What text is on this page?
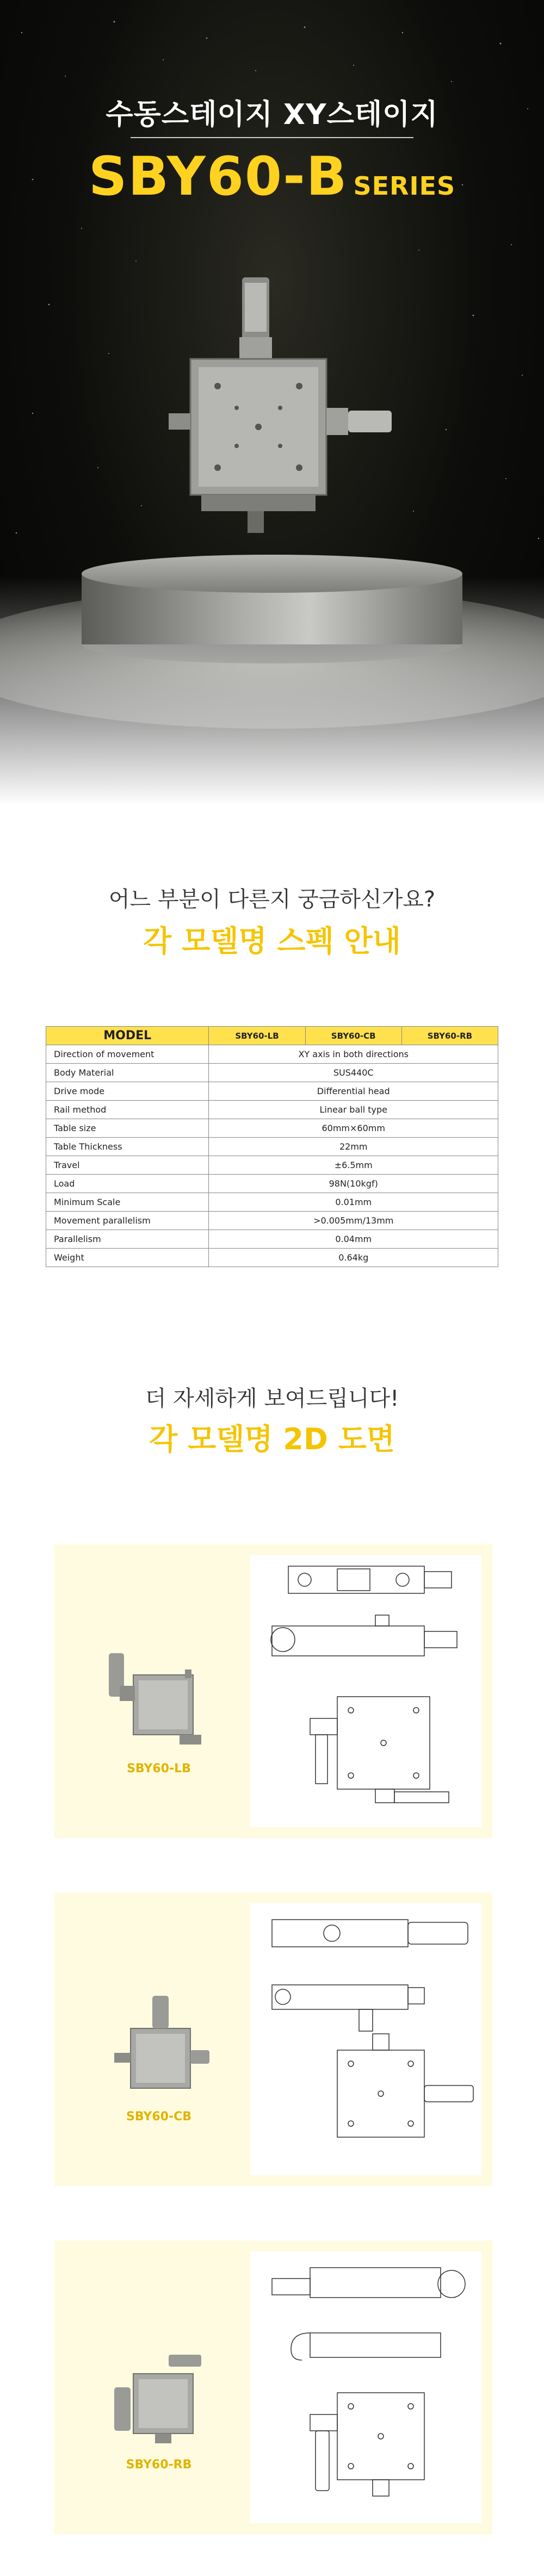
수동스테이지 XY스테이지
SBY60-B SERIES
어느 부분이 다른지 궁금하신가요?
각 모델명 스펙 안내
MODEL	SBY60-LB	SBY60-CB	SBY60-RB
Direction of movement	XY axis in both directions		
Body Material	SUS440C		
Drive mode	Differential head		
Rail method	Linear ball type		
Table size	60mm×60mm		
Table Thickness	22mm		
Travel	±6.5mm		
Load	98N(10kgf)		
Minimum Scale	0.01mm		
Movement parallelism	>0.005mm/13mm		
Parallelism	0.04mm		
Weight	0.64kg		
더 자세하게 보여드립니다!
각 모델명 2D 도면
SBY60-LB
SBY60-CB
SBY60-RB
